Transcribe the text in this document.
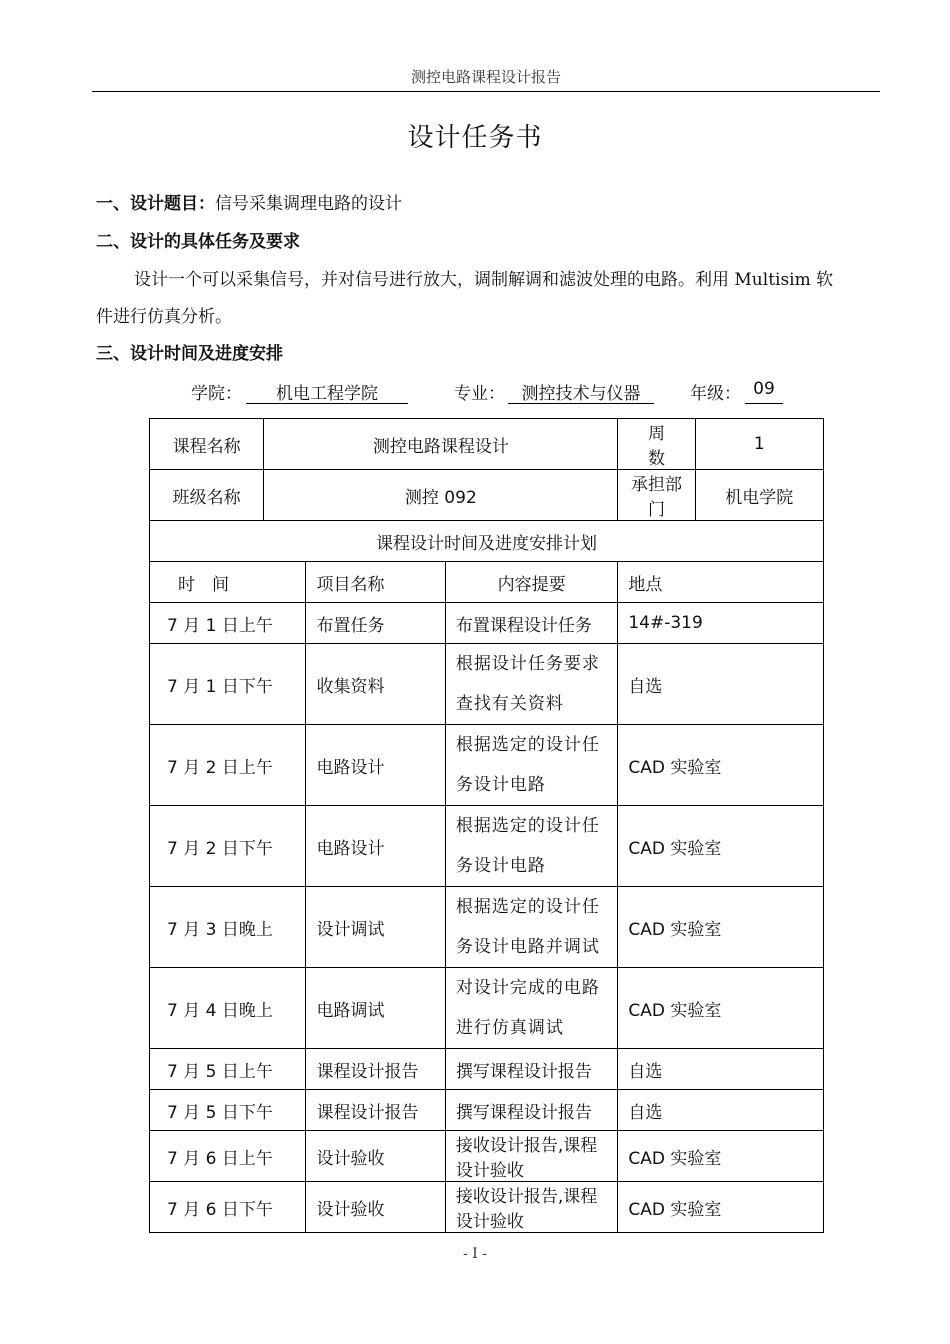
测控电路课程设计报告
设计任务书
一、设计题目：信号采集调理电路的设计
二、设计的具体任务及要求
设计一个可以采集信号，并对信号进行放大，调制解调和滤波处理的电路。利用 Multisim 软
件进行仿真分析。
三、设计时间及进度安排
学院：	机电工程学院	专业： 测控技术与仪器	年级： 09
课程名称	测控电路课程设计			周　 数	1
班级名称	测控 092			承担部门	机电学院
课程设计时间及进度安排计划					
时　间		项目名称	内容提要	地点	
7 月 1 日上午		布置任务	布置课程设计任务	14#-319	
7 月 1 日下午		收集资料	根据设计任务要求查找有关资料	自选	
7 月 2 日上午		电路设计	根据选定的设计任务设计电路	CAD 实验室	
7 月 2 日下午		电路设计	根据选定的设计任务设计电路	CAD 实验室	
7 月 3 日晚上		设计调试	根据选定的设计任务设计电路并调试	CAD 实验室	
7 月 4 日晚上		电路调试	对设计完成的电路进行仿真调试	CAD 实验室	
7 月 5 日上午		课程设计报告	撰写课程设计报告	自选	
7 月 5 日下午		课程设计报告	撰写课程设计报告	自选	
7 月 6 日上午		设计验收	接收设计报告,课程设计验收	CAD 实验室	
7 月 6 日下午		设计验收	接收设计报告,课程设计验收	CAD 实验室	
- I -
